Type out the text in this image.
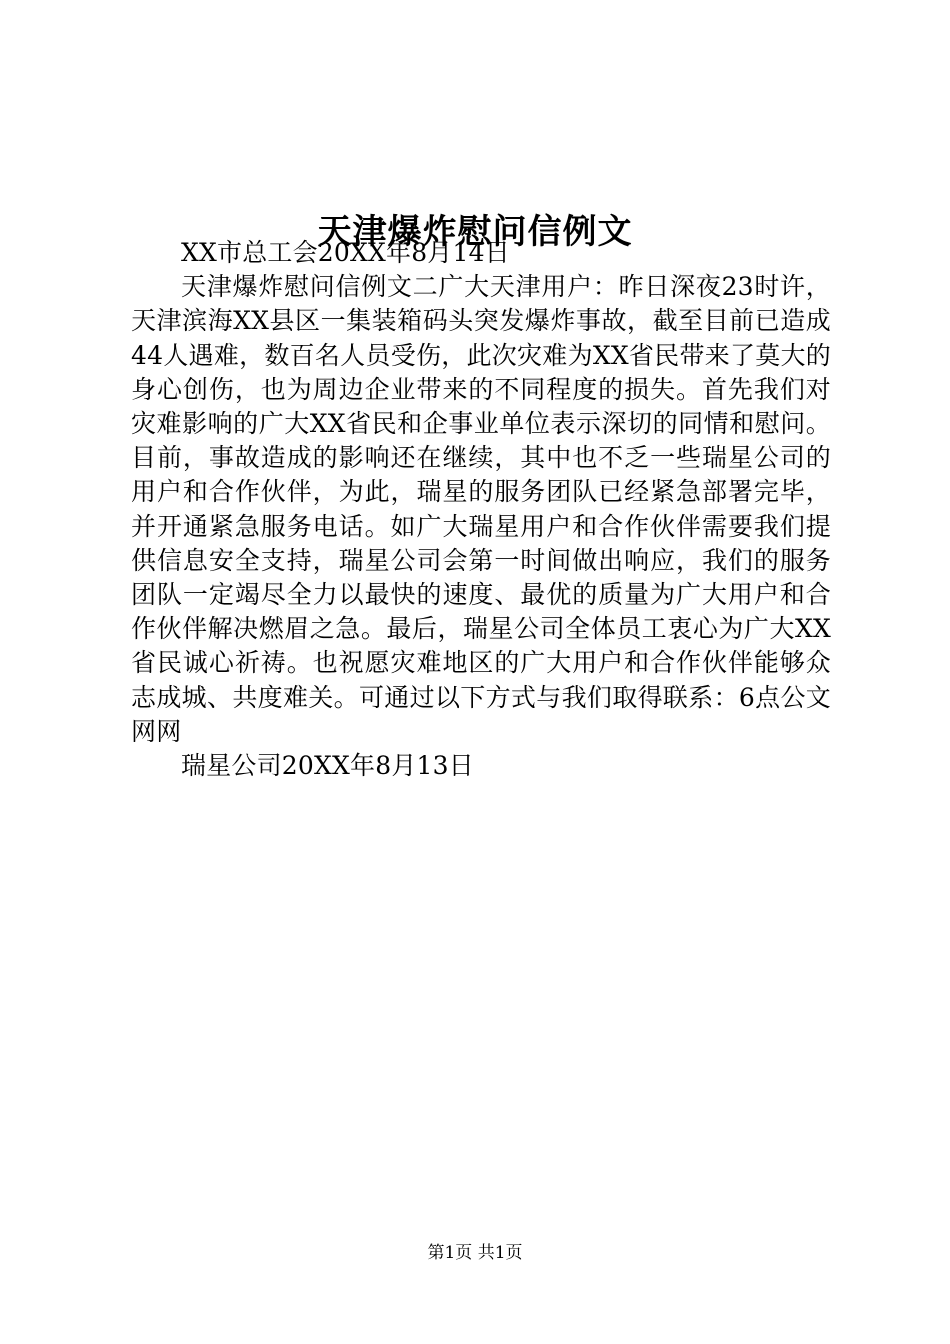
天津爆炸慰问信例文

XX市总工会20XX年8月14日

天津爆炸慰问信例文二广大天津用户：昨日深夜23时许，天津滨海XX县区一集装箱码头突发爆炸事故，截至目前已造成44人遇难，数百名人员受伤，此次灾难为XX省民带来了莫大的身心创伤，也为周边企业带来的不同程度的损失。首先我们对灾难影响的广大XX省民和企事业单位表示深切的同情和慰问。目前，事故造成的影响还在继续，其中也不乏一些瑞星公司的用户和合作伙伴，为此，瑞星的服务团队已经紧急部署完毕，并开通紧急服务电话。如广大瑞星用户和合作伙伴需要我们提供信息安全支持，瑞星公司会第一时间做出响应，我们的服务团队一定竭尽全力以最快的速度、最优的质量为广大用户和合作伙伴解决燃眉之急。最后，瑞星公司全体员工衷心为广大XX省民诚心祈祷。也祝愿灾难地区的广大用户和合作伙伴能够众志成城、共度难关。可通过以下方式与我们取得联系：6点公文网网

瑞星公司20XX年8月13日

第1页 共1页
